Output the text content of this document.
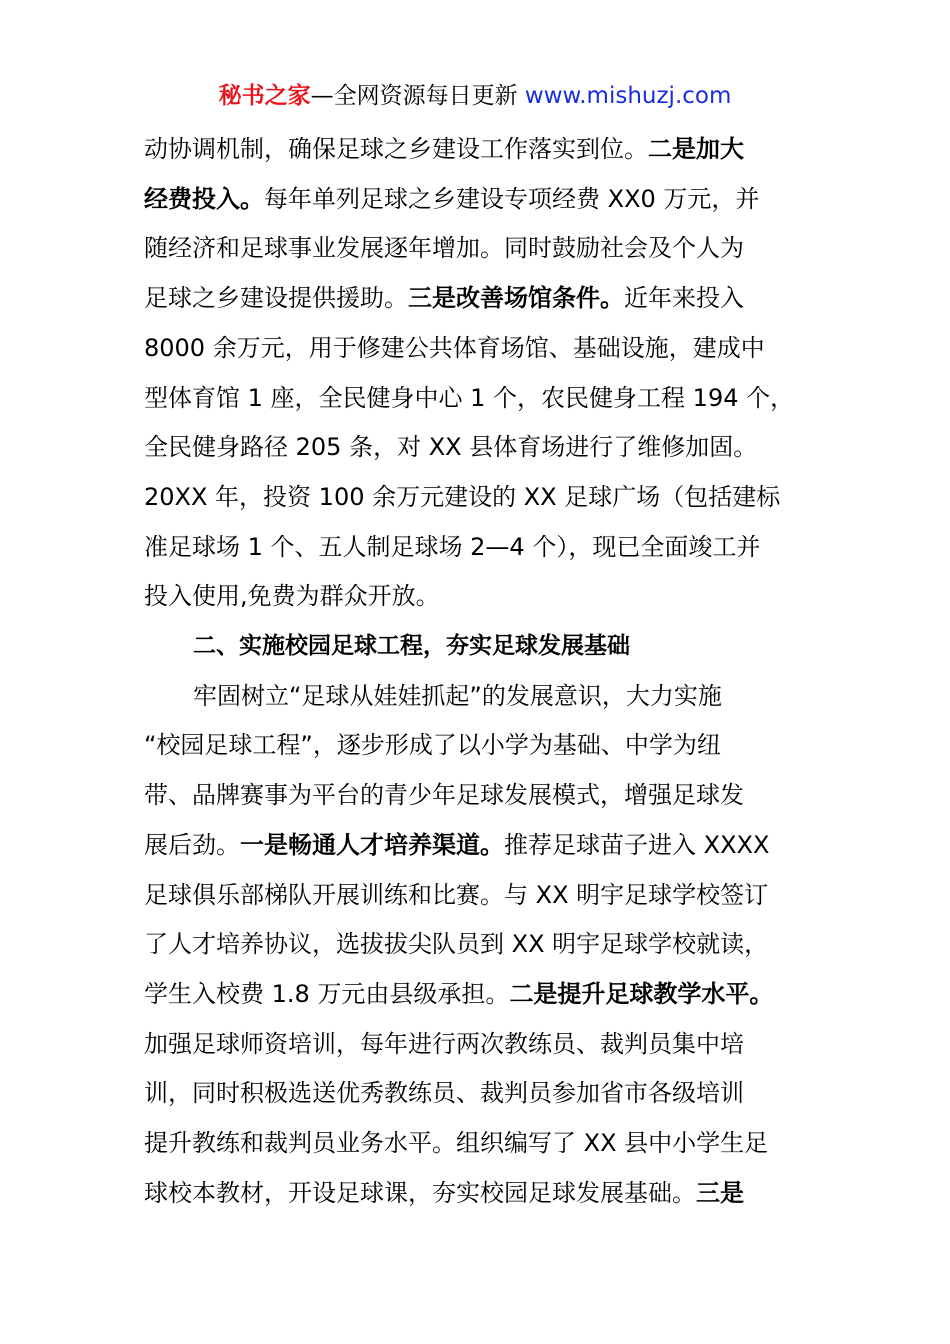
秘书之家—全网资源每日更新 www.mishuzj.com

动协调机制，确保足球之乡建设工作落实到位。二是加大

经费投入。每年单列足球之乡建设专项经费 XX0 万元，并

随经济和足球事业发展逐年增加。同时鼓励社会及个人为

足球之乡建设提供援助。三是改善场馆条件。近年来投入

8000 余万元，用于修建公共体育场馆、基础设施，建成中

型体育馆 1 座，全民健身中心 1 个，农民健身工程 194 个，

全民健身路径 205 条，对 XX 县体育场进行了维修加固。

20XX 年，投资 100 余万元建设的 XX 足球广场（包括建标

准足球场 1 个、五人制足球场 2—4 个），现已全面竣工并

投入使用,免费为群众开放。

二、实施校园足球工程，夯实足球发展基础

牢固树立“足球从娃娃抓起”的发展意识，大力实施

“校园足球工程”，逐步形成了以小学为基础、中学为纽

带、品牌赛事为平台的青少年足球发展模式，增强足球发

展后劲。一是畅通人才培养渠道。推荐足球苗子进入 XXXX

足球俱乐部梯队开展训练和比赛。与 XX 明宇足球学校签订

了人才培养协议，选拔拔尖队员到 XX 明宇足球学校就读，

学生入校费 1.8 万元由县级承担。二是提升足球教学水平。

加强足球师资培训，每年进行两次教练员、裁判员集中培

训，同时积极选送优秀教练员、裁判员参加省市各级培训

提升教练和裁判员业务水平。组织编写了 XX 县中小学生足

球校本教材，开设足球课，夯实校园足球发展基础。三是
